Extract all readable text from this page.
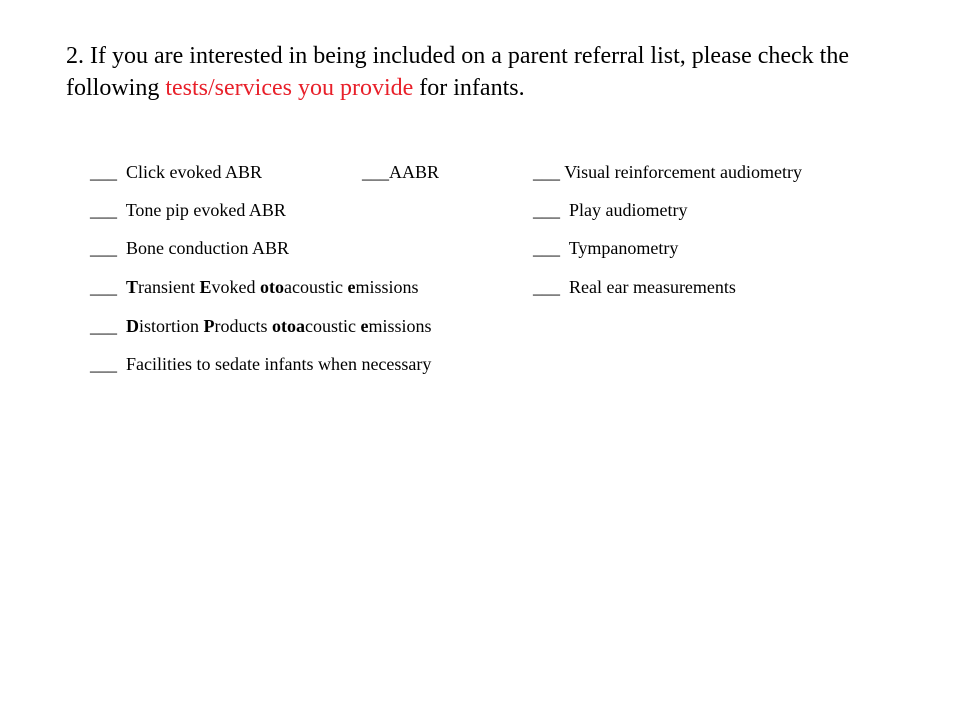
2. If you are interested in being included on a parent referral list, please check the following tests/services you provide for infants.

___ Click evoked ABR
___ Tone pip evoked ABR
___ Bone conduction ABR
___ Transient Evoked otoacoustic emissions
___ Distortion Products otoacoustic emissions
___ Facilities to sedate infants when necessary
___AABR	___ Visual reinforcement audiometry
___ Play audiometry
___ Tympanometry
___ Real ear measurements
